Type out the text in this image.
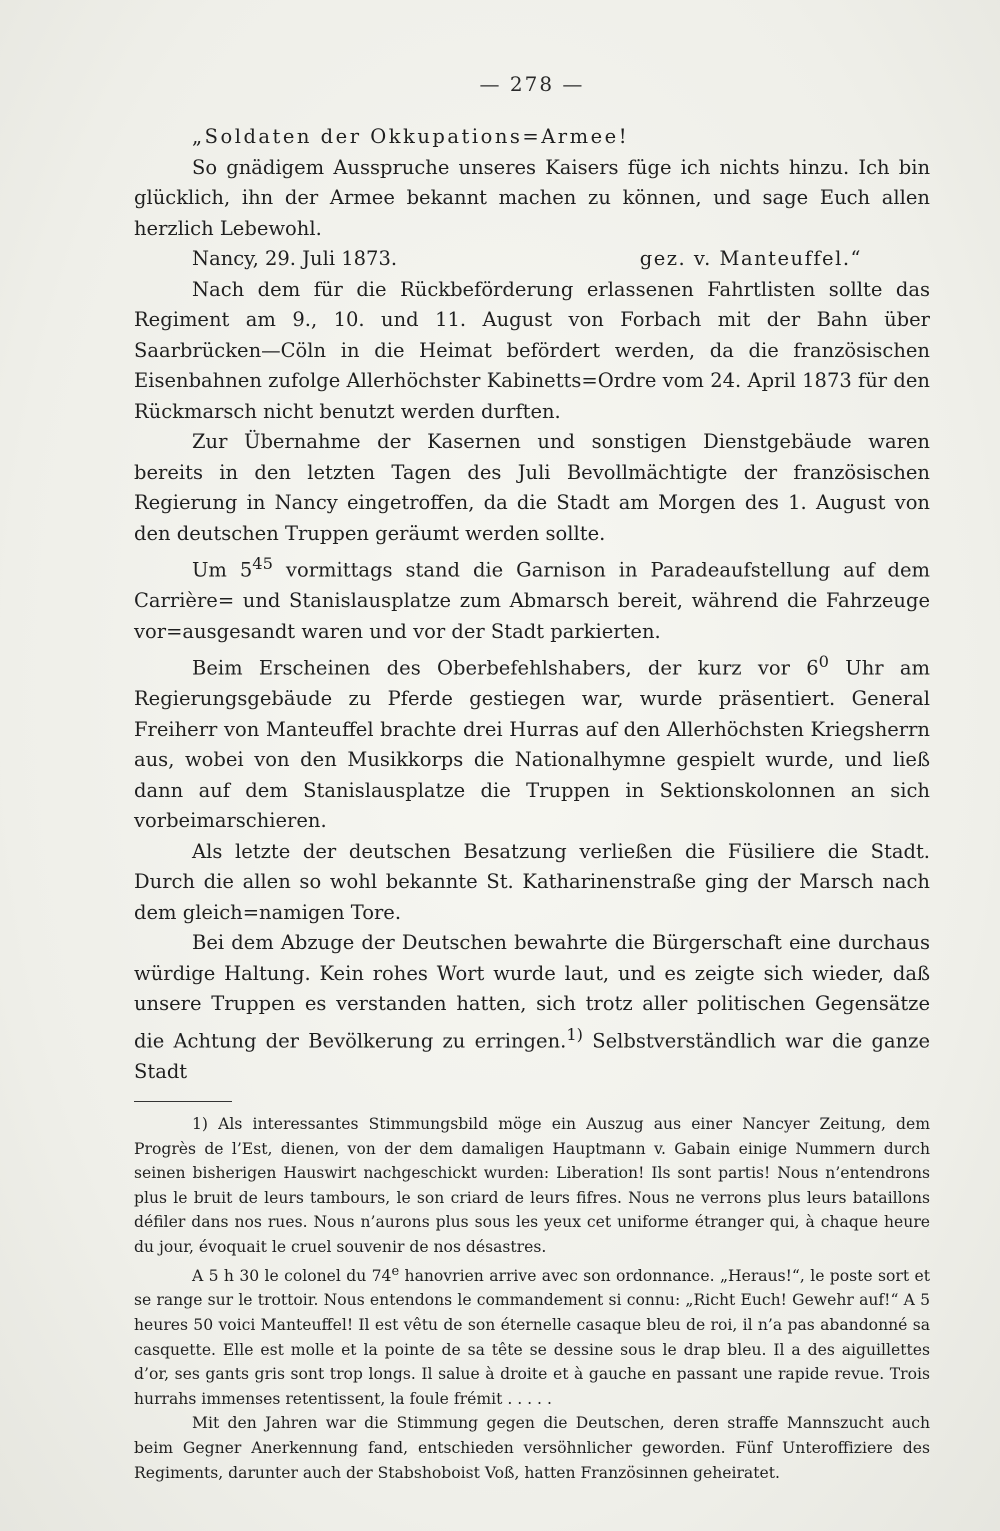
— 278 —

„Soldaten der Okkupations=Armee!

So gnädigem Ausspruche unseres Kaisers füge ich nichts hinzu. Ich bin glücklich, ihn der Armee bekannt machen zu können, und sage Euch allen herzlich Lebewohl.

Nancy, 29. Juli 1873.	gez. v. Manteuffel.“

Nach dem für die Rückbeförderung erlassenen Fahrtlisten sollte das Regiment am 9., 10. und 11. August von Forbach mit der Bahn über Saarbrücken—Cöln in die Heimat befördert werden, da die französischen Eisenbahnen zufolge Allerhöchster Kabinetts=Ordre vom 24. April 1873 für den Rückmarsch nicht benutzt werden durften.

Zur Übernahme der Kasernen und sonstigen Dienstgebäude waren bereits in den letzten Tagen des Juli Bevollmächtigte der französischen Regierung in Nancy eingetroffen, da die Stadt am Morgen des 1. August von den deutschen Truppen geräumt werden sollte.

Um $5^{45}$ vormittags stand die Garnison in Paradeaufstellung auf dem Carrière= und Stanislausplatze zum Abmarsch bereit, während die Fahrzeuge vor=ausgesandt waren und vor der Stadt parkierten.

Beim Erscheinen des Oberbefehlshabers, der kurz vor $6^0$ Uhr am Regierungsgebäude zu Pferde gestiegen war, wurde präsentiert. General Freiherr von Manteuffel brachte drei Hurras auf den Allerhöchsten Kriegsherrn aus, wobei von den Musikkorps die Nationalhymne gespielt wurde, und ließ dann auf dem Stanislausplatze die Truppen in Sektionskolonnen an sich vorbeimarschieren.

Als letzte der deutschen Besatzung verließen die Füsiliere die Stadt. Durch die allen so wohl bekannte St. Katharinenstraße ging der Marsch nach dem gleich=namigen Tore.

Bei dem Abzuge der Deutschen bewahrte die Bürgerschaft eine durchaus würdige Haltung. Kein rohes Wort wurde laut, und es zeigte sich wieder, daß unsere Truppen es verstanden hatten, sich trotz aller politischen Gegensätze die Achtung der Bevölkerung zu erringen.$^{1)}$ Selbstverständlich war die ganze Stadt

1) Als interessantes Stimmungsbild möge ein Auszug aus einer Nancyer Zeitung, dem Progrès de l’Est, dienen, von der dem damaligen Hauptmann v. Gabain einige Nummern durch seinen bisherigen Hauswirt nachgeschickt wurden: Liberation! Ils sont partis! Nous n’entendrons plus le bruit de leurs tambours, le son criard de leurs fifres. Nous ne verrons plus leurs bataillons défiler dans nos rues. Nous n’aurons plus sous les yeux cet uniforme étranger qui, à chaque heure du jour, évoquait le cruel souvenir de nos désastres.

A 5 h 30 le colonel du 74e hanovrien arrive avec son ordonnance. „Heraus!“, le poste sort et se range sur le trottoir. Nous entendons le commandement si connu: „Richt Euch! Gewehr auf!“ A 5 heures 50 voici Manteuffel! Il est vêtu de son éternelle casaque bleu de roi, il n’a pas abandonné sa casquette. Elle est molle et la pointe de sa tête se dessine sous le drap bleu. Il a des aiguillettes d’or, ses gants gris sont trop longs. Il salue à droite et à gauche en passant une rapide revue. Trois hurrahs immenses retentissent, la foule frémit . . . . .

Mit den Jahren war die Stimmung gegen die Deutschen, deren straffe Mannszucht auch beim Gegner Anerkennung fand, entschieden versöhnlicher geworden. Fünf Unteroffiziere des Regiments, darunter auch der Stabshoboist Voß, hatten Französinnen geheiratet.
